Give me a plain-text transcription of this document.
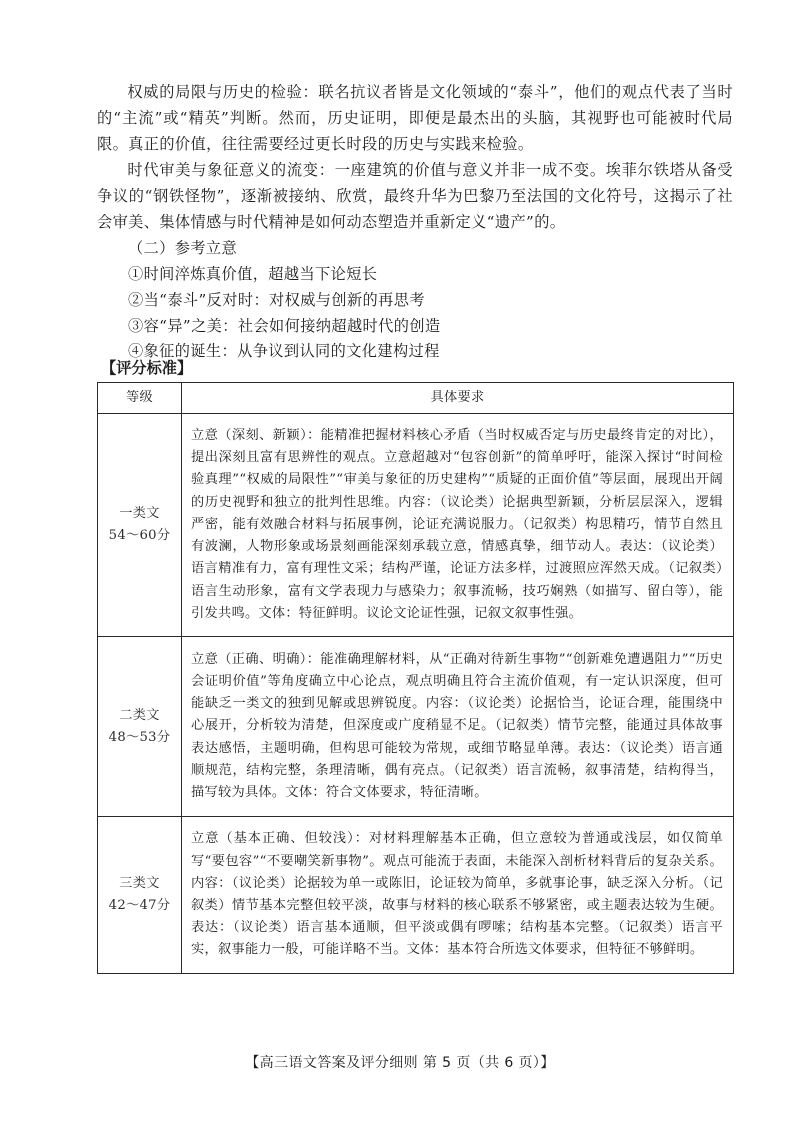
权威的局限与历史的检验：联名抗议者皆是文化领域的“泰斗”，他们的观点代表了当时的“主流”或“精英”判断。然而，历史证明，即便是最杰出的头脑，其视野也可能被时代局限。真正的价值，往往需要经过更长时段的历史与实践来检验。

时代审美与象征意义的流变：一座建筑的价值与意义并非一成不变。埃菲尔铁塔从备受争议的“钢铁怪物”，逐渐被接纳、欣赏，最终升华为巴黎乃至法国的文化符号，这揭示了社会审美、集体情感与时代精神是如何动态塑造并重新定义“遗产”的。

（二）参考立意

①时间淬炼真价值，超越当下论短长

②当“泰斗”反对时：对权威与创新的再思考

③容“异”之美：社会如何接纳超越时代的创造

④象征的诞生：从争议到认同的文化建构过程

【评分标准】

等级	具体要求

一类文
54～60分	立意（深刻、新颖）：能精准把握材料核心矛盾（当时权威否定与历史最终肯定的对比），提出深刻且富有思辨性的观点。立意超越对“包容创新”的简单呼吁，能深入探讨“时间检验真理”“权威的局限性”“审美与象征的历史建构”“质疑的正面价值”等层面，展现出开阔的历史视野和独立的批判性思维。内容：（议论类）论据典型新颖，分析层层深入，逻辑严密，能有效融合材料与拓展事例，论证充满说服力。（记叙类）构思精巧，情节自然且有波澜，人物形象或场景刻画能深刻承载立意，情感真挚，细节动人。表达：（议论类）语言精准有力，富有理性文采；结构严谨，论证方法多样，过渡照应浑然天成。（记叙类）语言生动形象，富有文学表现力与感染力；叙事流畅，技巧娴熟（如描写、留白等），能引发共鸣。文体：特征鲜明。议论文论证性强，记叙文叙事性强。

二类文
48～53分	立意（正确、明确）：能准确理解材料，从“正确对待新生事物”“创新难免遭遇阻力”“历史会证明价值”等角度确立中心论点，观点明确且符合主流价值观，有一定认识深度，但可能缺乏一类文的独到见解或思辨锐度。内容：（议论类）论据恰当，论证合理，能围绕中心展开，分析较为清楚，但深度或广度稍显不足。（记叙类）情节完整，能通过具体故事表达感悟，主题明确，但构思可能较为常规，或细节略显单薄。表达：（议论类）语言通顺规范，结构完整，条理清晰，偶有亮点。（记叙类）语言流畅，叙事清楚，结构得当，描写较为具体。文体：符合文体要求，特征清晰。

三类文
42～47分	立意（基本正确、但较浅）：对材料理解基本正确，但立意较为普通或浅层，如仅简单写“要包容”“不要嘲笑新事物”。观点可能流于表面，未能深入剖析材料背后的复杂关系。内容：（议论类）论据较为单一或陈旧，论证较为简单，多就事论事，缺乏深入分析。（记叙类）情节基本完整但较平淡，故事与材料的核心联系不够紧密，或主题表达较为生硬。表达：（议论类）语言基本通顺，但平淡或偶有啰嗦；结构基本完整。（记叙类）语言平实，叙事能力一般，可能详略不当。文体：基本符合所选文体要求，但特征不够鲜明。
【高三语文答案及评分细则 第 5 页（共 6 页）】
